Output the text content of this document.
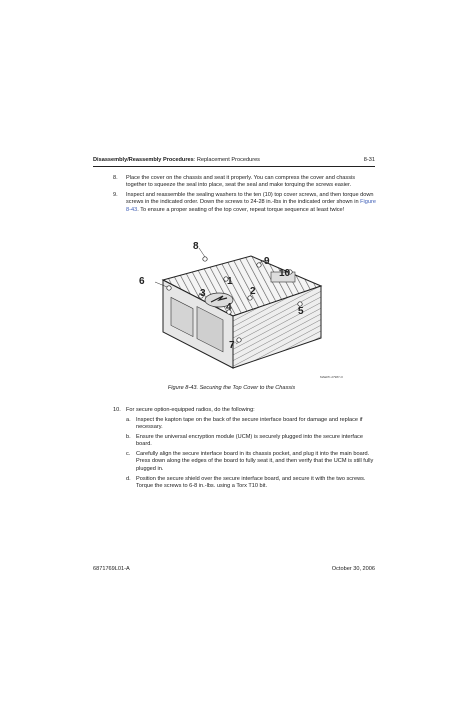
Disassembly/Reassembly Procedures: Replacement Procedures	8-31
8. Place the cover on the chassis and seat it properly. You can compress the cover and chassis together to squeeze the seal into place, seat the seal and make torquing the screws easier.
9. Inspect and reassemble the sealing washers to the ten (10) top cover screws, and then torque down screws in the indicated order. Down the screws to 24-28 in.-lbs in the indicated order shown in Figure 8-43. To ensure a proper seating of the top cover, repeat torque sequence at least twice!
8
9
10
1
6
3	2
4	5
7
MAEPF-27987-O
Figure 8-43. Securing the Top Cover to the Chassis
10. For secure option-equipped radios, do the following:
a. Inspect the kapton tape on the back of the secure interface board for damage and replace if necessary.
b. Ensure the universal encryption module (UCM) is securely plugged into the secure interface board.
c. Carefully align the secure interface board in its chassis pocket, and plug it into the main board. Press down along the edges of the board to fully seat it, and then verify that the UCM is still fully plugged in.
d. Position the secure shield over the secure interface board, and secure it with the two screws. Torque the screws to 6-8 in.-lbs. using a Torx T10 bit.
6871769L01-A	October 30, 2006
